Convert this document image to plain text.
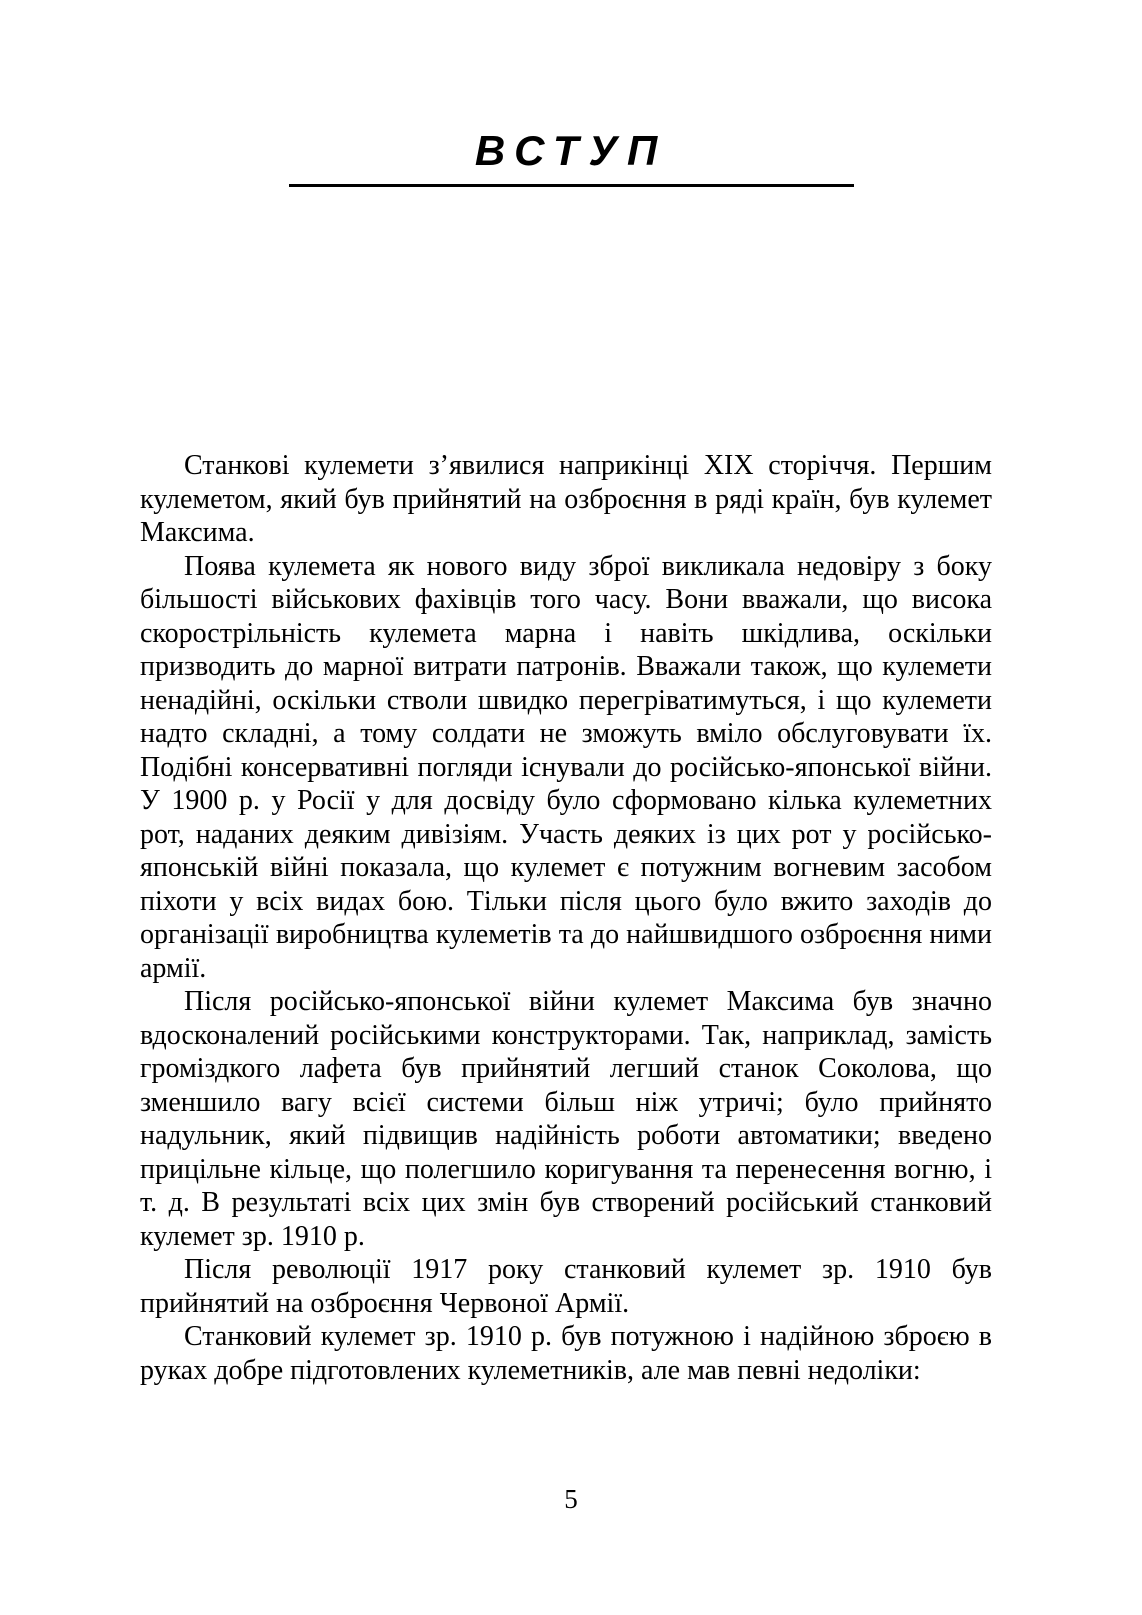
ВСТУП

Станкові кулемети з’явилися наприкінці XIX сторіччя. Першим кулеметом, який був прийнятий на озброєння в ряді країн, був кулемет Максима.

Поява кулемета як нового виду зброї викликала недовіру з боку більшості військових фахівців того часу. Вони вважали, що висока скорострільність кулемета марна і навіть шкідлива, оскільки призводить до марної витрати патронів. Вважали також, що кулемети ненадійні, оскільки стволи швидко перегріватимуться, і що кулемети надто складні, а тому солдати не зможуть вміло обслуговувати їх. Подібні консервативні погляди існували до російсько-японської війни. У 1900 р. у Росії у для досвіду було сформовано кілька кулеметних рот, наданих деяким дивізіям. Участь деяких із цих рот у російсько-японській війні показала, що кулемет є потужним вогневим засобом піхоти у всіх видах бою. Тільки після цього було вжито заходів до організації виробництва кулеметів та до найшвидшого озброєння ними армії.

Після російсько-японської війни кулемет Максима був значно вдосконалений російськими конструкторами. Так, наприклад, замість громіздкого лафета був прийнятий легший станок Соколова, що зменшило вагу всієї системи більш ніж утричі; було прийнято надульник, який підвищив надійність роботи автоматики; введено прицільне кільце, що полегшило коригування та перенесення вогню, і т. д. В результаті всіх цих змін був створений російський станковий кулемет зр. 1910 р.

Після революції 1917 року станковий кулемет зр. 1910 був прийнятий на озброєння Червоної Армії.

Станковий кулемет зр. 1910 р. був потужною і надійною зброєю в руках добре підготовлених кулеметників, але мав певні недоліки:

5
